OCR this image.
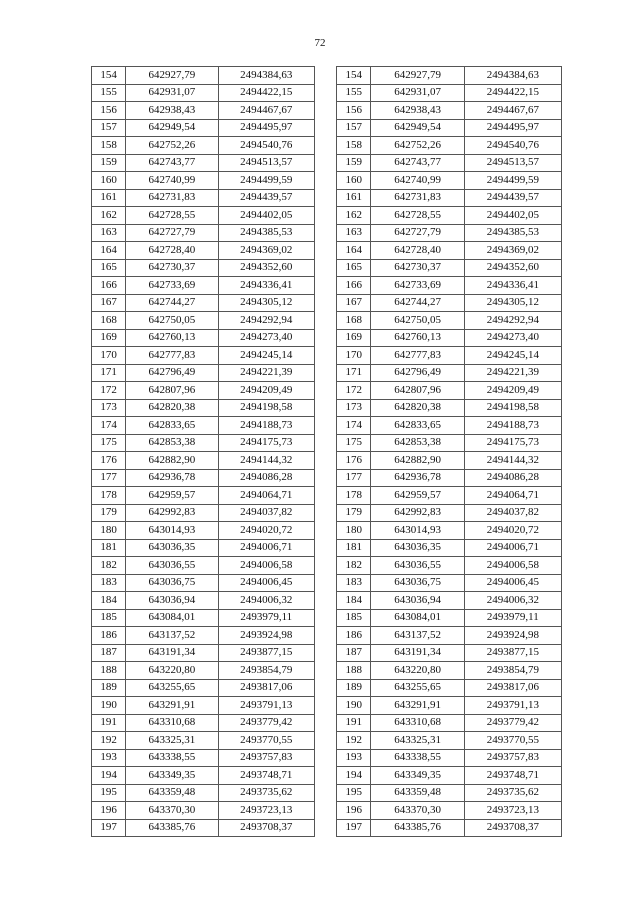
72
154	642927,79	2494384,63
155	642931,07	2494422,15
156	642938,43	2494467,67
157	642949,54	2494495,97
158	642752,26	2494540,76
159	642743,77	2494513,57
160	642740,99	2494499,59
161	642731,83	2494439,57
162	642728,55	2494402,05
163	642727,79	2494385,53
164	642728,40	2494369,02
165	642730,37	2494352,60
166	642733,69	2494336,41
167	642744,27	2494305,12
168	642750,05	2494292,94
169	642760,13	2494273,40
170	642777,83	2494245,14
171	642796,49	2494221,39
172	642807,96	2494209,49
173	642820,38	2494198,58
174	642833,65	2494188,73
175	642853,38	2494175,73
176	642882,90	2494144,32
177	642936,78	2494086,28
178	642959,57	2494064,71
179	642992,83	2494037,82
180	643014,93	2494020,72
181	643036,35	2494006,71
182	643036,55	2494006,58
183	643036,75	2494006,45
184	643036,94	2494006,32
185	643084,01	2493979,11
186	643137,52	2493924,98
187	643191,34	2493877,15
188	643220,80	2493854,79
189	643255,65	2493817,06
190	643291,91	2493791,13
191	643310,68	2493779,42
192	643325,31	2493770,55
193	643338,55	2493757,83
194	643349,35	2493748,71
195	643359,48	2493735,62
196	643370,30	2493723,13
197	643385,76	2493708,37
154	642927,79	2494384,63
155	642931,07	2494422,15
156	642938,43	2494467,67
157	642949,54	2494495,97
158	642752,26	2494540,76
159	642743,77	2494513,57
160	642740,99	2494499,59
161	642731,83	2494439,57
162	642728,55	2494402,05
163	642727,79	2494385,53
164	642728,40	2494369,02
165	642730,37	2494352,60
166	642733,69	2494336,41
167	642744,27	2494305,12
168	642750,05	2494292,94
169	642760,13	2494273,40
170	642777,83	2494245,14
171	642796,49	2494221,39
172	642807,96	2494209,49
173	642820,38	2494198,58
174	642833,65	2494188,73
175	642853,38	2494175,73
176	642882,90	2494144,32
177	642936,78	2494086,28
178	642959,57	2494064,71
179	642992,83	2494037,82
180	643014,93	2494020,72
181	643036,35	2494006,71
182	643036,55	2494006,58
183	643036,75	2494006,45
184	643036,94	2494006,32
185	643084,01	2493979,11
186	643137,52	2493924,98
187	643191,34	2493877,15
188	643220,80	2493854,79
189	643255,65	2493817,06
190	643291,91	2493791,13
191	643310,68	2493779,42
192	643325,31	2493770,55
193	643338,55	2493757,83
194	643349,35	2493748,71
195	643359,48	2493735,62
196	643370,30	2493723,13
197	643385,76	2493708,37
